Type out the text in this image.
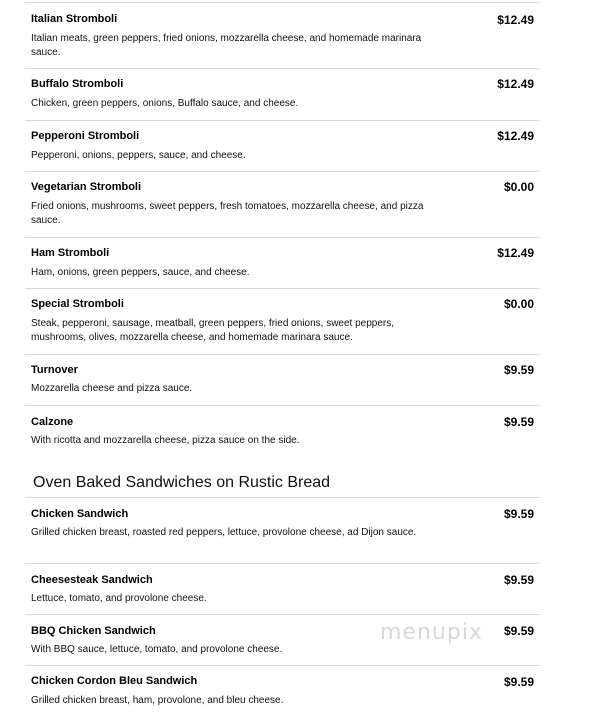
Italian Stromboli	$12.49
Italian meats, green peppers, fried onions, mozzarella cheese, and homemade marinara sauce.
Buffalo Stromboli	$12.49
Chicken, green peppers, onions, Buffalo sauce, and cheese.
Pepperoni Stromboli	$12.49
Pepperoni, onions, peppers, sauce, and cheese.
Vegetarian Stromboli	$0.00
Fried onions, mushrooms, sweet peppers, fresh tomatoes, mozzarella cheese, and pizza sauce.
Ham Stromboli	$12.49
Ham, onions, green peppers, sauce, and cheese.
Special Stromboli	$0.00
Steak, pepperoni, sausage, meatball, green peppers, fried onions, sweet peppers, mushrooms, olives, mozzarella cheese, and homemade marinara sauce.
Turnover	$9.59
Mozzarella cheese and pizza sauce.
Calzone	$9.59
With ricotta and mozzarella cheese, pizza sauce on the side.
Oven Baked Sandwiches on Rustic Bread
Chicken Sandwich	$9.59
Grilled chicken breast, roasted red peppers, lettuce, provolone cheese, ad Dijon sauce.
Cheesesteak Sandwich	$9.59
Lettuce, tomato, and provolone cheese.
BBQ Chicken Sandwich	$9.59
With BBQ sauce, lettuce, tomato, and provolone cheese.
Chicken Cordon Bleu Sandwich	$9.59
Grilled chicken breast, ham, provolone, and bleu cheese.
menupix
